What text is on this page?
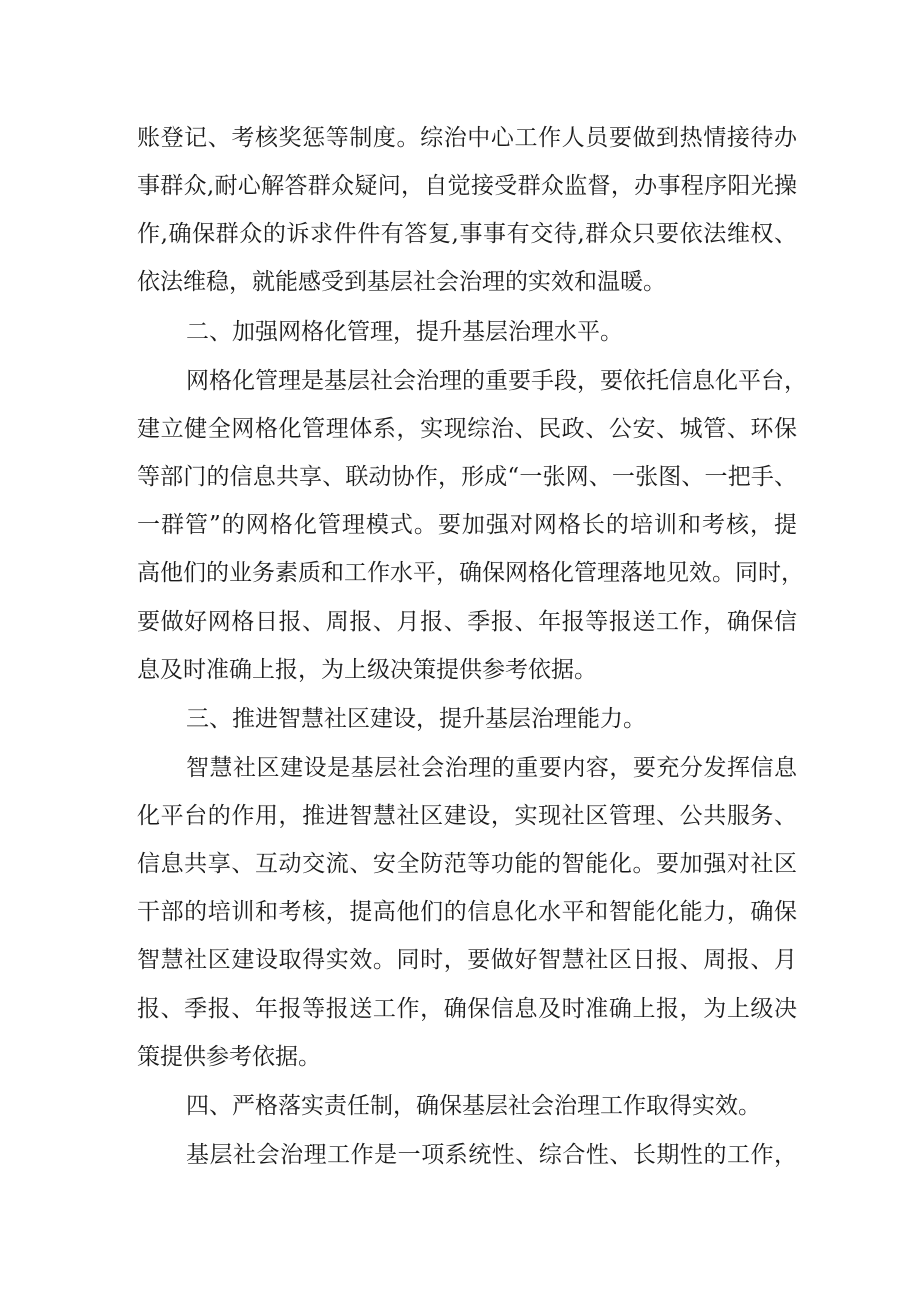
账登记、考核奖惩等制度。综治中心工作人员要做到热情接待办
事群众,耐心解答群众疑问，自觉接受群众监督，办事程序阳光操
作,确保群众的诉求件件有答复,事事有交待,群众只要依法维权、
依法维稳，就能感受到基层社会治理的实效和温暖。
二、加强网格化管理，提升基层治理水平。
网格化管理是基层社会治理的重要手段，要依托信息化平台，
建立健全网格化管理体系，实现综治、民政、公安、城管、环保
等部门的信息共享、联动协作，形成“一张网、一张图、一把手、
一群管”的网格化管理模式。要加强对网格长的培训和考核，提
高他们的业务素质和工作水平，确保网格化管理落地见效。同时，
要做好网格日报、周报、月报、季报、年报等报送工作，确保信
息及时准确上报，为上级决策提供参考依据。
三、推进智慧社区建设，提升基层治理能力。
智慧社区建设是基层社会治理的重要内容，要充分发挥信息
化平台的作用，推进智慧社区建设，实现社区管理、公共服务、
信息共享、互动交流、安全防范等功能的智能化。要加强对社区
干部的培训和考核，提高他们的信息化水平和智能化能力，确保
智慧社区建设取得实效。同时，要做好智慧社区日报、周报、月
报、季报、年报等报送工作，确保信息及时准确上报，为上级决
策提供参考依据。
四、严格落实责任制，确保基层社会治理工作取得实效。
基层社会治理工作是一项系统性、综合性、长期性的工作，
